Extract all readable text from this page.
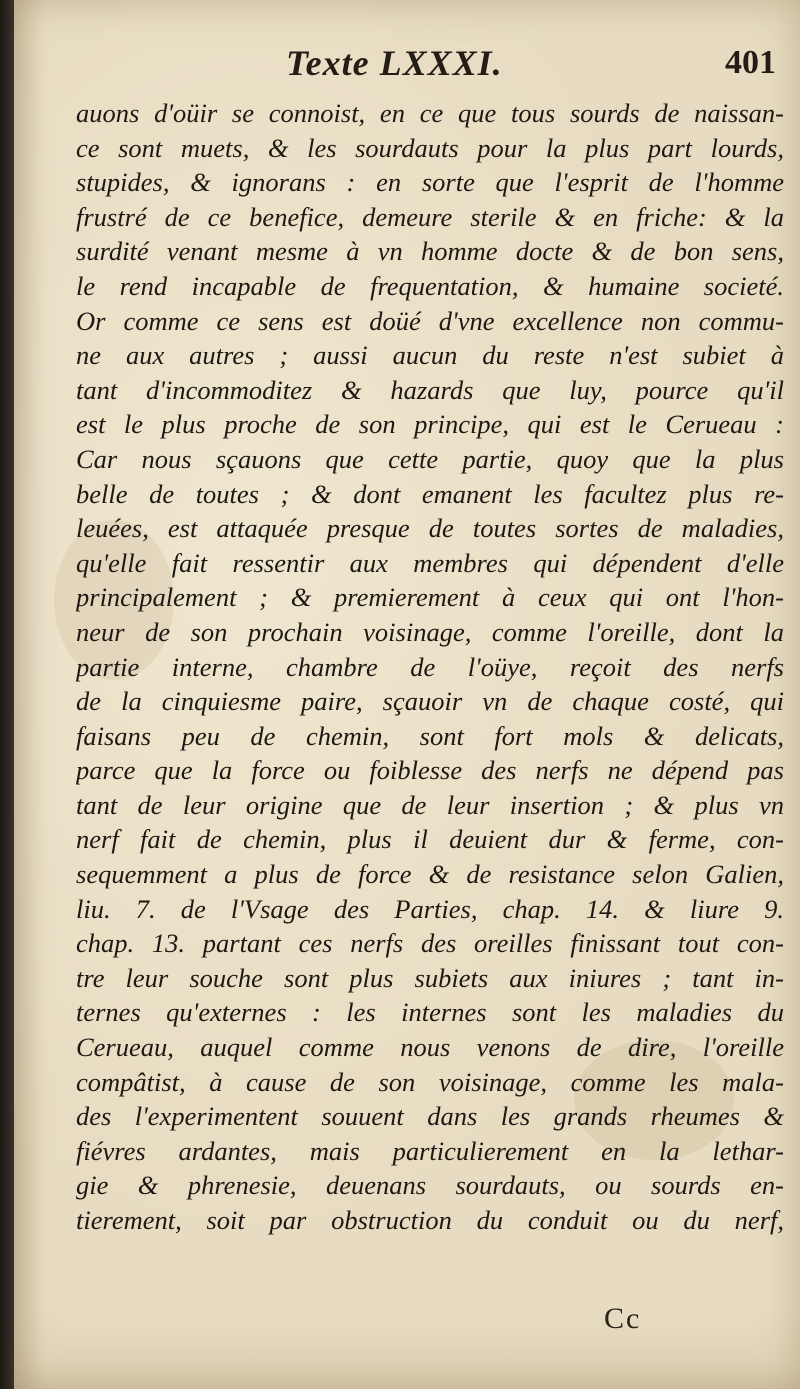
Texte LXXXI.	401
auons d'oüir se connoist, en ce que tous sourds de naissan-
ce sont muets, & les sourdauts pour la plus part lourds,
stupides, & ignorans : en sorte que l'esprit de l'homme
frustré de ce benefice, demeure sterile & en friche: & la
surdité venant mesme à vn homme docte & de bon sens,
le rend incapable de frequentation, & humaine societé.
Or comme ce sens est doüé d'vne excellence non commu-
ne aux autres ; aussi aucun du reste n'est subiet à
tant d'incommoditez & hazards que luy, pource qu'il
est le plus proche de son principe, qui est le Cerueau :
Car nous sçauons que cette partie, quoy que la plus
belle de toutes ; & dont emanent les facultez plus re-
leuées, est attaquée presque de toutes sortes de maladies,
qu'elle fait ressentir aux membres qui dépendent d'elle
principalement ; & premierement à ceux qui ont l'hon-
neur de son prochain voisinage, comme l'oreille, dont la
partie interne, chambre de l'oüye, reçoit des nerfs
de la cinquiesme paire, sçauoir vn de chaque costé, qui
faisans peu de chemin, sont fort mols & delicats,
parce que la force ou foiblesse des nerfs ne dépend pas
tant de leur origine que de leur insertion ; & plus vn
nerf fait de chemin, plus il deuient dur & ferme, con-
sequemment a plus de force & de resistance selon Galien,
liu. 7. de l'Vsage des Parties, chap. 14. & liure 9.
chap. 13. partant ces nerfs des oreilles finissant tout con-
tre leur souche sont plus subiets aux iniures ; tant in-
ternes qu'externes : les internes sont les maladies du
Cerueau, auquel comme nous venons de dire, l'oreille
compâtist, à cause de son voisinage, comme les mala-
des l'experimentent souuent dans les grands rheumes &
fiévres ardantes, mais particulierement en la lethar-
gie & phrenesie, deuenans sourdauts, ou sourds en-
tierement, soit par obstruction du conduit ou du nerf,
Cc
